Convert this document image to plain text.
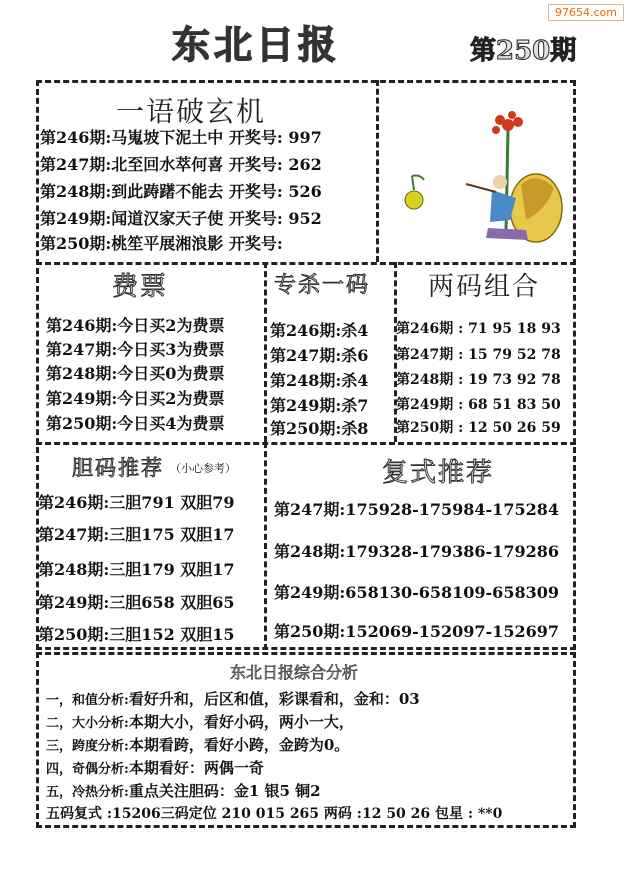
97654.com
东北日报	第250期
一语破玄机
第246期:马嵬坡下泥土中 开奖号: 997
第247期:北至回水萃何喜 开奖号: 262
第248期:到此踌躇不能去 开奖号: 526
第249期:闻道汉家天子使 开奖号: 952
第250期:桃笙平展湘浪影 开奖号:
费票
第246期:今日买2为费票
第247期:今日买3为费票
第248期:今日买0为费票
第249期:今日买2为费票
第250期:今日买4为费票
专杀一码
第246期:杀4
第247期:杀6
第248期:杀4
第249期:杀7
第250期:杀8
两码组合
第246期 : 71 95 18 93
第247期 : 15 79 52 78
第248期 : 19 73 92 78
第249期 : 68 51 83 50
第250期 : 12 50 26 59
胆码推荐 （小心参考）
第246期:三胆791 双胆79
第247期:三胆175 双胆17
第248期:三胆179 双胆17
第249期:三胆658 双胆65
第250期:三胆152 双胆15
复式推荐
第247期:175928-175984-175284
第248期:179328-179386-179286
第249期:658130-658109-658309
第250期:152069-152097-152697
东北日报综合分析
一，和值分析:看好升和，后区和值，彩课看和，金和：03
二，大小分析:本期大小，看好小码，两小一大，
三，跨度分析:本期看跨，看好小跨，金跨为0。
四，奇偶分析:本期看好：两偶一奇
五，冷热分析:重点关注胆码：金1 银5 铜2
五码复式 :15206三码定位 210 015 265 两码 :12 50 26 包星 : **0
